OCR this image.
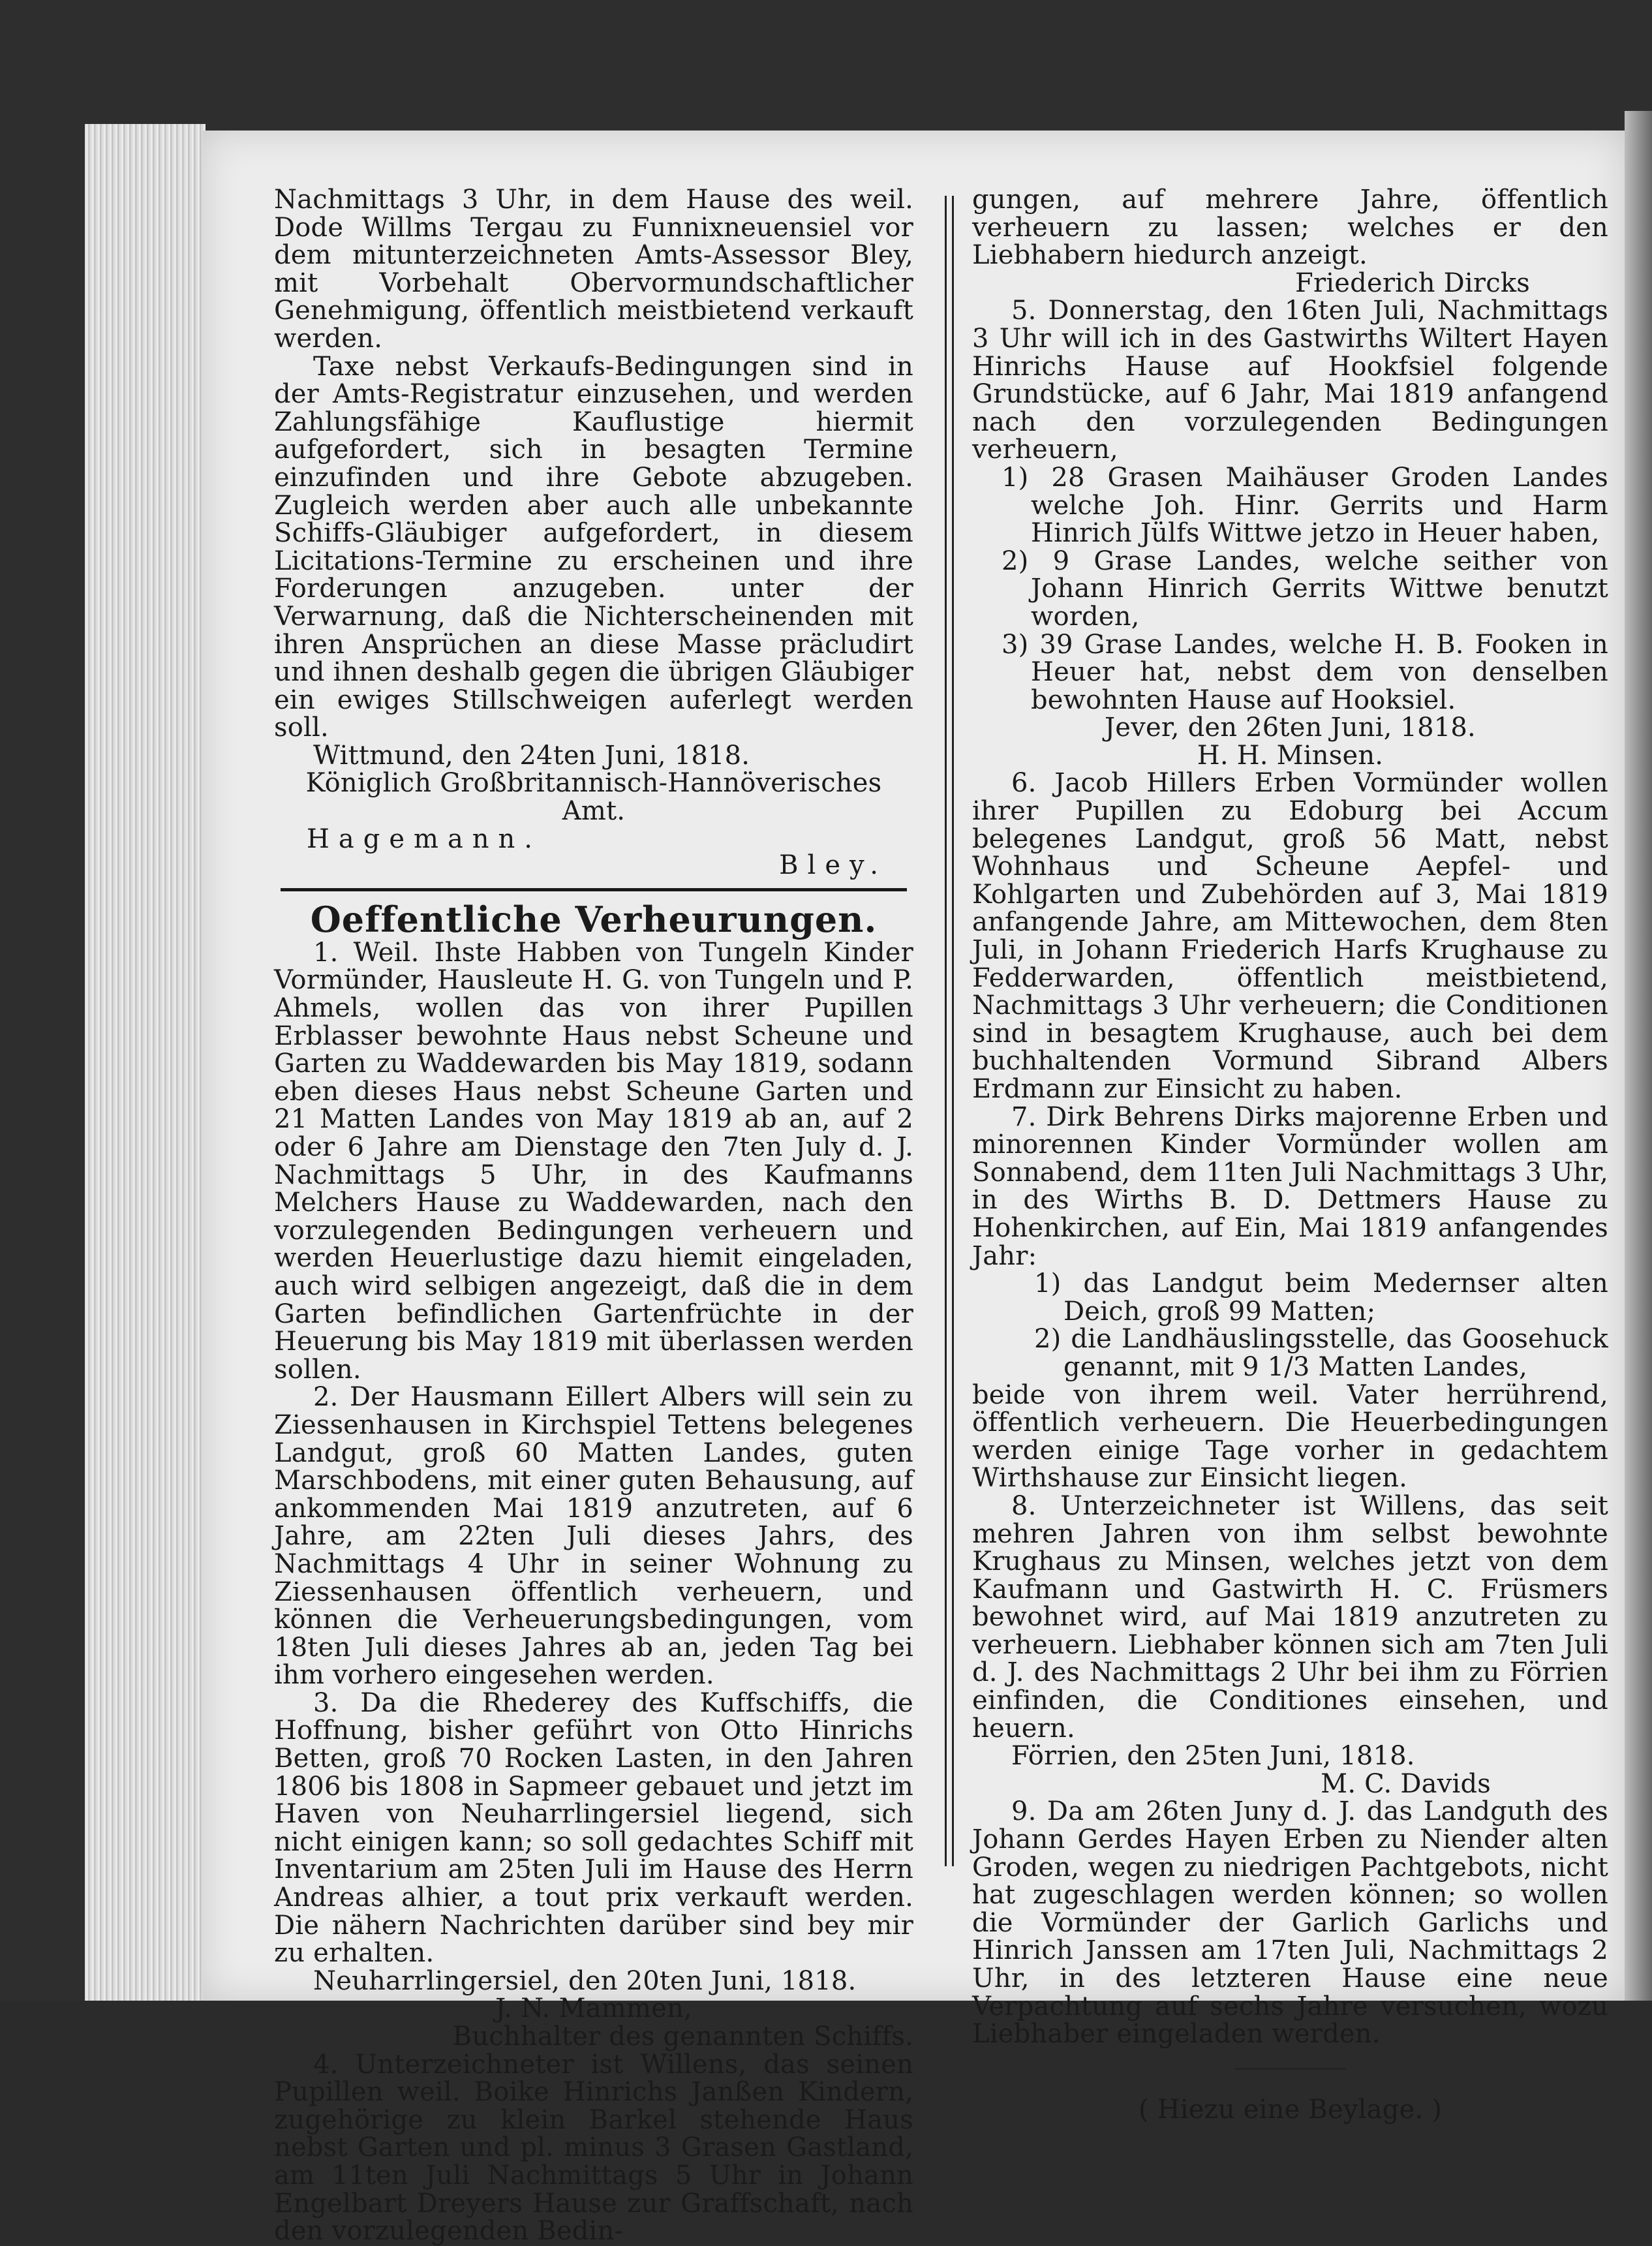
Nachmittags 3 Uhr, in dem Hause des weil. Dode Willms Tergau zu Funnixneuensiel vor dem mitunterzeichneten Amts-Assessor Bley, mit Vorbehalt Obervormundschaftlicher Genehmigung, öffentlich meistbietend verkauft werden.

Taxe nebst Verkaufs-Bedingungen sind in der Amts-Registratur einzusehen, und werden Zahlungsfähige Kauflustige hiermit aufgefordert, sich in besagten Termine einzufinden und ihre Gebote abzugeben. Zugleich werden aber auch alle unbekannte Schiffs-Gläubiger aufgefordert, in diesem Licitations-Termine zu erscheinen und ihre Forderungen anzugeben. unter der Verwarnung, daß die Nichterscheinenden mit ihren Ansprüchen an diese Masse präcludirt und ihnen deshalb gegen die übrigen Gläubiger ein ewiges Stillschweigen auferlegt werden soll.

Wittmund, den 24ten Juni, 1818.

Königlich Großbritannisch-Hannöverisches Amt.

Hagemann.
Bley.

Oeffentliche Verheurungen.

1. Weil. Ihste Habben von Tungeln Kinder Vormünder, Hausleute H. G. von Tungeln und P. Ahmels, wollen das von ihrer Pupillen Erblasser bewohnte Haus nebst Scheune und Garten zu Waddewarden bis May 1819, sodann eben dieses Haus nebst Scheune Garten und 21 Matten Landes von May 1819 ab an, auf 2 oder 6 Jahre am Dienstage den 7ten July d. J. Nachmittags 5 Uhr, in des Kaufmanns Melchers Hause zu Waddewarden, nach den vorzulegenden Bedingungen verheuern und werden Heuerlustige dazu hiemit eingeladen, auch wird selbigen angezeigt, daß die in dem Garten befindlichen Gartenfrüchte in der Heuerung bis May 1819 mit überlassen werden sollen.

2. Der Hausmann Eillert Albers will sein zu Ziessenhausen in Kirchspiel Tettens belegenes Landgut, groß 60 Matten Landes, guten Marschbodens, mit einer guten Behausung, auf ankommenden Mai 1819 anzutreten, auf 6 Jahre, am 22ten Juli dieses Jahrs, des Nachmittags 4 Uhr in seiner Wohnung zu Ziessenhausen öffentlich verheuern, und können die Verheuerungsbedingungen, vom 18ten Juli dieses Jahres ab an, jeden Tag bei ihm vorhero eingesehen werden.

3. Da die Rhederey des Kuffschiffs, die Hoffnung, bisher geführt von Otto Hinrichs Betten, groß 70 Rocken Lasten, in den Jahren 1806 bis 1808 in Sapmeer gebauet und jetzt im Haven von Neuharrlingersiel liegend, sich nicht einigen kann; so soll gedachtes Schiff mit Inventarium am 25ten Juli im Hause des Herrn Andreas alhier, a tout prix verkauft werden. Die nähern Nachrichten darüber sind bey mir zu erhalten.

Neuharrlingersiel, den 20ten Juni, 1818.

J. N. Mammen,

Buchhalter des genannten Schiffs.

4. Unterzeichneter ist Willens, das seinen Pupillen weil. Boike Hinrichs Janßen Kindern, zugehörige zu klein Barkel stehende Haus nebst Garten und pl. minus 3 Grasen Gastland, am 11ten Juli Nachmittags 5 Uhr in Johann Engelbart Dreyers Hause zur Graffschaft, nach den vorzulegenden Bedin-

gungen, auf mehrere Jahre, öffentlich verheuern zu lassen; welches er den Liebhabern hiedurch anzeigt.

Friederich Dircks

5. Donnerstag, den 16ten Juli, Nachmittags 3 Uhr will ich in des Gastwirths Wiltert Hayen Hinrichs Hause auf Hookfsiel folgende Grundstücke, auf 6 Jahr, Mai 1819 anfangend nach den vorzulegenden Bedingungen verheuern,

1) 28 Grasen Maihäuser Groden Landes welche Joh. Hinr. Gerrits und Harm Hinrich Jülfs Wittwe jetzo in Heuer haben,

2) 9 Grase Landes, welche seither von Johann Hinrich Gerrits Wittwe benutzt worden,

3) 39 Grase Landes, welche H. B. Fooken in Heuer hat, nebst dem von denselben bewohnten Hause auf Hooksiel.

Jever, den 26ten Juni, 1818.

H. H. Minsen.

6. Jacob Hillers Erben Vormünder wollen ihrer Pupillen zu Edoburg bei Accum belegenes Landgut, groß 56 Matt, nebst Wohnhaus und Scheune Aepfel- und Kohlgarten und Zubehörden auf 3, Mai 1819 anfangende Jahre, am Mittewochen, dem 8ten Juli, in Johann Friederich Harfs Krughause zu Fedderwarden, öffentlich meistbietend, Nachmittags 3 Uhr verheuern; die Conditionen sind in besagtem Krughause, auch bei dem buchhaltenden Vormund Sibrand Albers Erdmann zur Einsicht zu haben.

7. Dirk Behrens Dirks majorenne Erben und minorennen Kinder Vormünder wollen am Sonnabend, dem 11ten Juli Nachmittags 3 Uhr, in des Wirths B. D. Dettmers Hause zu Hohenkirchen, auf Ein, Mai 1819 anfangendes Jahr:

1) das Landgut beim Medernser alten Deich, groß 99 Matten;

2) die Landhäuslingsstelle, das Goosehuck genannt, mit 9 1/3 Matten Landes,

beide von ihrem weil. Vater herrührend, öffentlich verheuern. Die Heuerbedingungen werden einige Tage vorher in gedachtem Wirthshause zur Einsicht liegen.

8. Unterzeichneter ist Willens, das seit mehren Jahren von ihm selbst bewohnte Krughaus zu Minsen, welches jetzt von dem Kaufmann und Gastwirth H. C. Früsmers bewohnet wird, auf Mai 1819 anzutreten zu verheuern. Liebhaber können sich am 7ten Juli d. J. des Nachmittags 2 Uhr bei ihm zu Förrien einfinden, die Conditiones einsehen, und heuern.

Förrien, den 25ten Juni, 1818.

M. C. Davids

9. Da am 26ten Juny d. J. das Landguth des Johann Gerdes Hayen Erben zu Niender alten Groden, wegen zu niedrigen Pachtgebots, nicht hat zugeschlagen werden können; so wollen die Vormünder der Garlich Garlichs und Hinrich Janssen am 17ten Juli, Nachmittags 2 Uhr, in des letzteren Hause eine neue Verpachtung auf sechs Jahre versuchen, wozu Liebhaber eingeladen werden.

( Hiezu eine Beylage. )
